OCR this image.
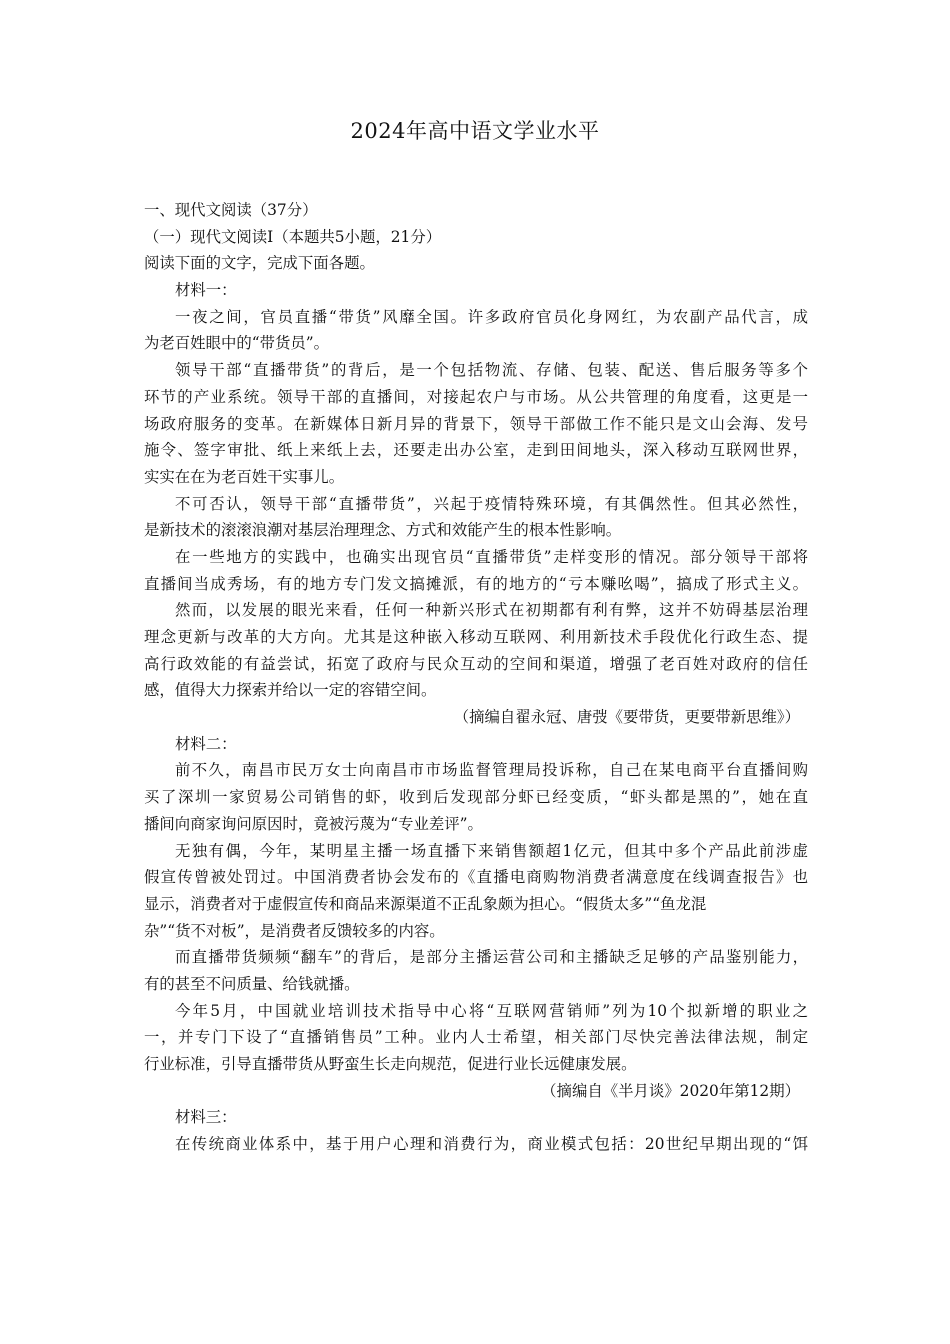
2024年高中语文学业水平
一、现代文阅读（37分）
（一）现代文阅读Ⅰ（本题共5小题，21分）
阅读下面的文字，完成下面各题。
材料一：
一夜之间，官员直播“带货”风靡全国。许多政府官员化身网红，为农副产品代言，成
为老百姓眼中的“带货员”。
领导干部“直播带货”的背后，是一个包括物流、存储、包装、配送、售后服务等多个
环节的产业系统。领导干部的直播间，对接起农户与市场。从公共管理的角度看，这更是一
场政府服务的变革。在新媒体日新月异的背景下，领导干部做工作不能只是文山会海、发号
施令、签字审批、纸上来纸上去，还要走出办公室，走到田间地头，深入移动互联网世界，
实实在在为老百姓干实事儿。
不可否认，领导干部“直播带货”，兴起于疫情特殊环境，有其偶然性。但其必然性，
是新技术的滚滚浪潮对基层治理理念、方式和效能产生的根本性影响。
在一些地方的实践中，也确实出现官员“直播带货”走样变形的情况。部分领导干部将
直播间当成秀场，有的地方专门发文搞摊派，有的地方的“亏本赚吆喝”，搞成了形式主义。
然而，以发展的眼光来看，任何一种新兴形式在初期都有利有弊，这并不妨碍基层治理
理念更新与改革的大方向。尤其是这种嵌入移动互联网、利用新技术手段优化行政生态、提
高行政效能的有益尝试，拓宽了政府与民众互动的空间和渠道，增强了老百姓对政府的信任
感，值得大力探索并给以一定的容错空间。
（摘编自翟永冠、唐弢《要带货，更要带新思维》）
材料二：
前不久，南昌市民万女士向南昌市市场监督管理局投诉称，自己在某电商平台直播间购
买了深圳一家贸易公司销售的虾，收到后发现部分虾已经变质，“虾头都是黑的”，她在直
播间向商家询问原因时，竟被污蔑为“专业差评”。
无独有偶，今年，某明星主播一场直播下来销售额超1亿元，但其中多个产品此前涉虚
假宣传曾被处罚过。中国消费者协会发布的《直播电商购物消费者满意度在线调查报告》也
显示，消费者对于虚假宣传和商品来源渠道不正乱象颇为担心。“假货太多”“鱼龙混
杂”“货不对板”，是消费者反馈较多的内容。
而直播带货频频“翻车”的背后，是部分主播运营公司和主播缺乏足够的产品鉴别能力，
有的甚至不问质量、给钱就播。
今年5月，中国就业培训技术指导中心将“互联网营销师”列为10个拟新增的职业之
一，并专门下设了“直播销售员”工种。业内人士希望，相关部门尽快完善法律法规，制定
行业标准，引导直播带货从野蛮生长走向规范，促进行业长远健康发展。
（摘编自《半月谈》2020年第12期）
材料三：
在传统商业体系中，基于用户心理和消费行为，商业模式包括：20世纪早期出现的“饵
